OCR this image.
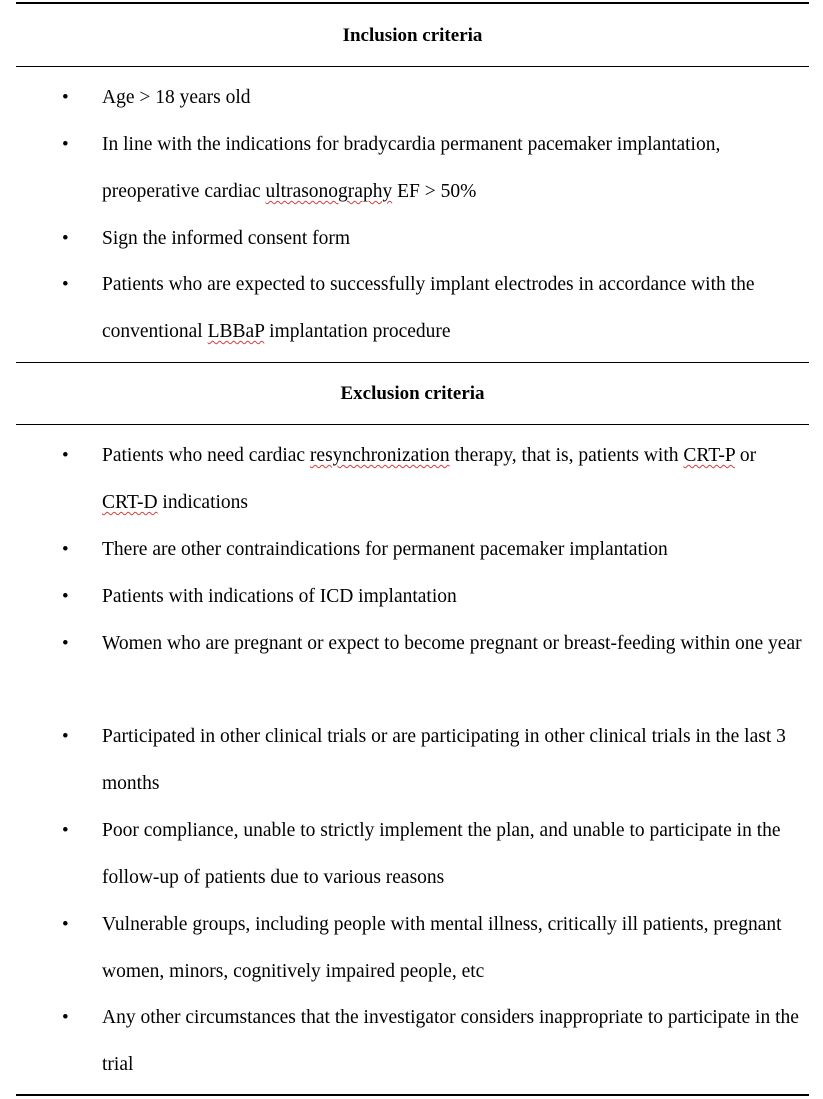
Inclusion criteria
• Age > 18 years old
• In line with the indications for bradycardia permanent pacemaker implantation, preoperative cardiac ultrasonography EF > 50%
• Sign the informed consent form
• Patients who are expected to successfully implant electrodes in accordance with the conventional LBBaP implantation procedure
Exclusion criteria
• Patients who need cardiac resynchronization therapy, that is, patients with CRT-P or CRT-D indications
• There are other contraindications for permanent pacemaker implantation
• Patients with indications of ICD implantation
• Women who are pregnant or expect to become pregnant or breast-feeding within one year
• Participated in other clinical trials or are participating in other clinical trials in the last 3 months
• Poor compliance, unable to strictly implement the plan, and unable to participate in the follow-up of patients due to various reasons
• Vulnerable groups, including people with mental illness, critically ill patients, pregnant women, minors, cognitively impaired people, etc
• Any other circumstances that the investigator considers inappropriate to participate in the trial
